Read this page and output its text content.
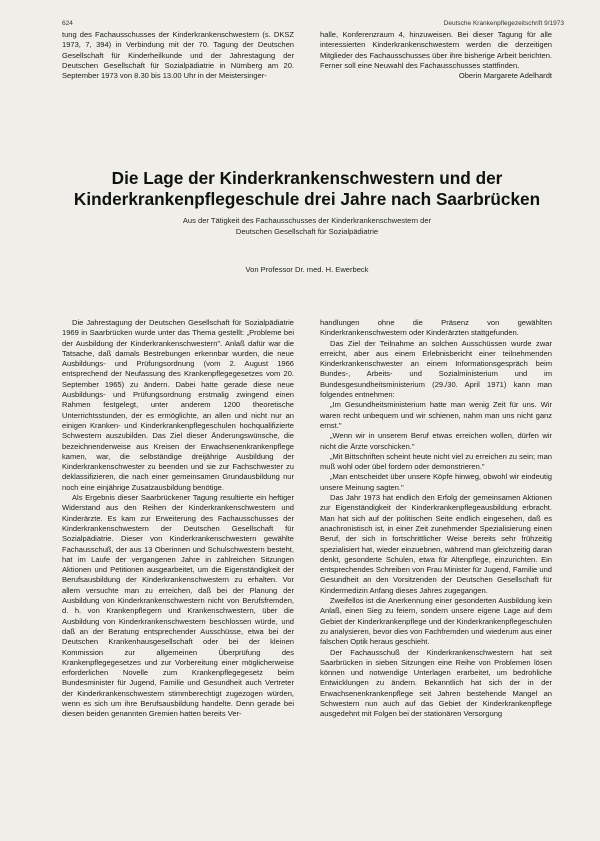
624	Deutsche Krankenpflegezeitschrift 9/1973

tung des Fachausschusses der Kinderkrankenschwestern (s. DKSZ 1973, 7, 394) in Verbindung mit der 70. Tagung der Deutschen Gesellschaft für Kinderheilkunde und der Jahrestagung der Deutschen Gesellschaft für Sozialpädiatrie in Nürnberg am 20. September 1973 von 8.30 bis 13.00 Uhr in der Meistersinger-

halle, Konferenzraum 4, hinzuweisen. Bei dieser Tagung für alle interessierten Kinderkrankenschwestern werden die derzeitigen Mitglieder des Fachausschusses über ihre bisherige Arbeit berichten. Ferner soll eine Neuwahl des Fachausschusses stattfinden.

Oberin Margarete Adelhardt

Die Lage der Kinderkrankenschwestern und der
Kinderkrankenpflegeschule drei Jahre nach Saarbrücken
Aus der Tätigkeit des Fachausschusses der Kinderkrankenschwestern der
Deutschen Gesellschaft für Sozialpädiatrie
Von Professor Dr. med. H. Ewerbeck

Die Jahrestagung der Deutschen Gesellschaft für Sozialpädiatrie 1969 in Saarbrücken wurde unter das Thema gestellt: „Probleme bei der Ausbildung der Kinderkrankenschwestern". Anlaß dafür war die Tatsache, daß damals Bestrebungen erkennbar wurden, die neue Ausbildungs- und Prüfungsordnung (vom 2. August 1966 entsprechend der Neufassung des Krankenpflegegesetzes vom 20. September 1965) zu ändern. Dabei hatte gerade diese neue Ausbildungs- und Prüfungsordnung erstmalig zwingend einen Rahmen festgelegt, unter anderem 1200 theoretische Unterrichtsstunden, der es ermöglichte, an allen und nicht nur an einigen Kranken- und Kinderkrankenpflegeschulen hochqualifizierte Schwestern auszubilden. Das Ziel dieser Änderungswünsche, die bezeichnenderweise aus Kreisen der Erwachsenenkrankenpflege kamen, war, die selbständige dreijährige Ausbildung der Kinderkrankenschwester zu beenden und sie zur Fachschwester zu deklassifizieren, die nach einer gemeinsamen Grundausbildung nur noch eine einjährige Zusatzausbildung benötige.

Als Ergebnis dieser Saarbrückener Tagung resultierte ein heftiger Widerstand aus den Reihen der Kinderkrankenschwestern und Kinderärzte. Es kam zur Erweiterung des Fachausschusses der Kinderkrankenschwestern der Deutschen Gesellschaft für Sozialpädiatrie. Dieser von Kinderkrankenschwestern gewählte Fachausschuß, der aus 13 Oberinnen und Schulschwestern besteht, hat im Laufe der vergangenen Jahre in zahlreichen Sitzungen Aktionen und Petitionen ausgearbeitet, um die Eigenständigkeit der Berufsausbildung der Kinderkrankenschwestern zu erhalten. Vor allem versuchte man zu erreichen, daß bei der Planung der Ausbildung von Kinderkrankenschwestern nicht von Berufsfremden, d. h. von Krankenpflegern und Krankenschwestern, über die Ausbildung von Kinderkrankenschwestern beschlossen würde, und daß an der Beratung entsprechender Ausschüsse, etwa bei der Deutschen Krankenhausgesellschaft oder bei der kleinen Kommission zur allgemeinen Überprüfung des Krankenpflegegesetzes und zur Vorbereitung einer möglicherweise erforderlichen Novelle zum Krankenpflegegesetz beim Bundesminister für Jugend, Familie und Gesundheit auch Vertreter der Kinderkrankenschwestern stimmberechtigt zugezogen würden, wenn es sich um ihre Berufsausbildung handelte. Denn gerade bei diesen beiden genannten Gremien hatten bereits Ver-

handlungen ohne die Präsenz von gewählten Kinderkrankenschwestern oder Kinderärzten stattgefunden.

Das Ziel der Teilnahme an solchen Ausschüssen wurde zwar erreicht, aber aus einem Erlebnisbericht einer teilnehmenden Kinderkrankenschwester an einem Informationsgespräch beim Bundes-, Arbeits- und Sozialministerium und im Bundesgesundheitsministerium (29./30. April 1971) kann man folgendes entnehmen:

„Im Gesundheitsministerium hatte man wenig Zeit für uns. Wir waren recht unbequem und wir schienen, nahm man uns nicht ganz ernst."

„Wenn wir in unserem Beruf etwas erreichen wollen, dürfen wir nicht die Ärzte vorschicken."

„Mit Bittschriften scheint heute nicht viel zu erreichen zu sein; man muß wohl oder übel fordern oder demonstrieren."

„Man entscheidet über unsere Köpfe hinweg, obwohl wir eindeutig unsere Meinung sagten."

Das Jahr 1973 hat endlich den Erfolg der gemeinsamen Aktionen zur Eigenständigkeit der Kinderkrankenpflegeausbildung erbracht. Man hat sich auf der politischen Seite endlich eingesehen, daß es anachronistisch ist, in einer Zeit zunehmender Spezialisierung einen Beruf, der sich in fortschrittlicher Weise bereits sehr frühzeitig spezialisiert hat, wieder einzuebnen, während man gleichzeitig daran denkt, gesonderte Schulen, etwa für Altenpflege, einzurichten. Ein entsprechendes Schreiben von Frau Minister für Jugend, Familie und Gesundheit an den Vorsitzenden der Deutschen Gesellschaft für Kindermedizin Anfang dieses Jahres zugegangen.

Zweifellos ist die Anerkennung einer gesonderten Ausbildung kein Anlaß, einen Sieg zu feiern, sondern unsere eigene Lage auf dem Gebiet der Kinderkrankenpflege und der Kinderkrankenpflegeschulen zu analysieren, bevor dies von Fachfremden und wiederum aus einer falschen Optik heraus geschieht.

Der Fachausschuß der Kinderkrankenschwestern hat seit Saarbrücken in sieben Sitzungen eine Reihe von Problemen lösen können und notwendige Unterlagen erarbeitet, um bedrohliche Entwicklungen zu ändern. Bekanntlich hat sich der in der Erwachsenenkrankenpflege seit Jahren bestehende Mangel an Schwestern nun auch auf das Gebiet der Kinderkrankenpflege ausgedehnt mit Folgen bei der stationären Versorgung
